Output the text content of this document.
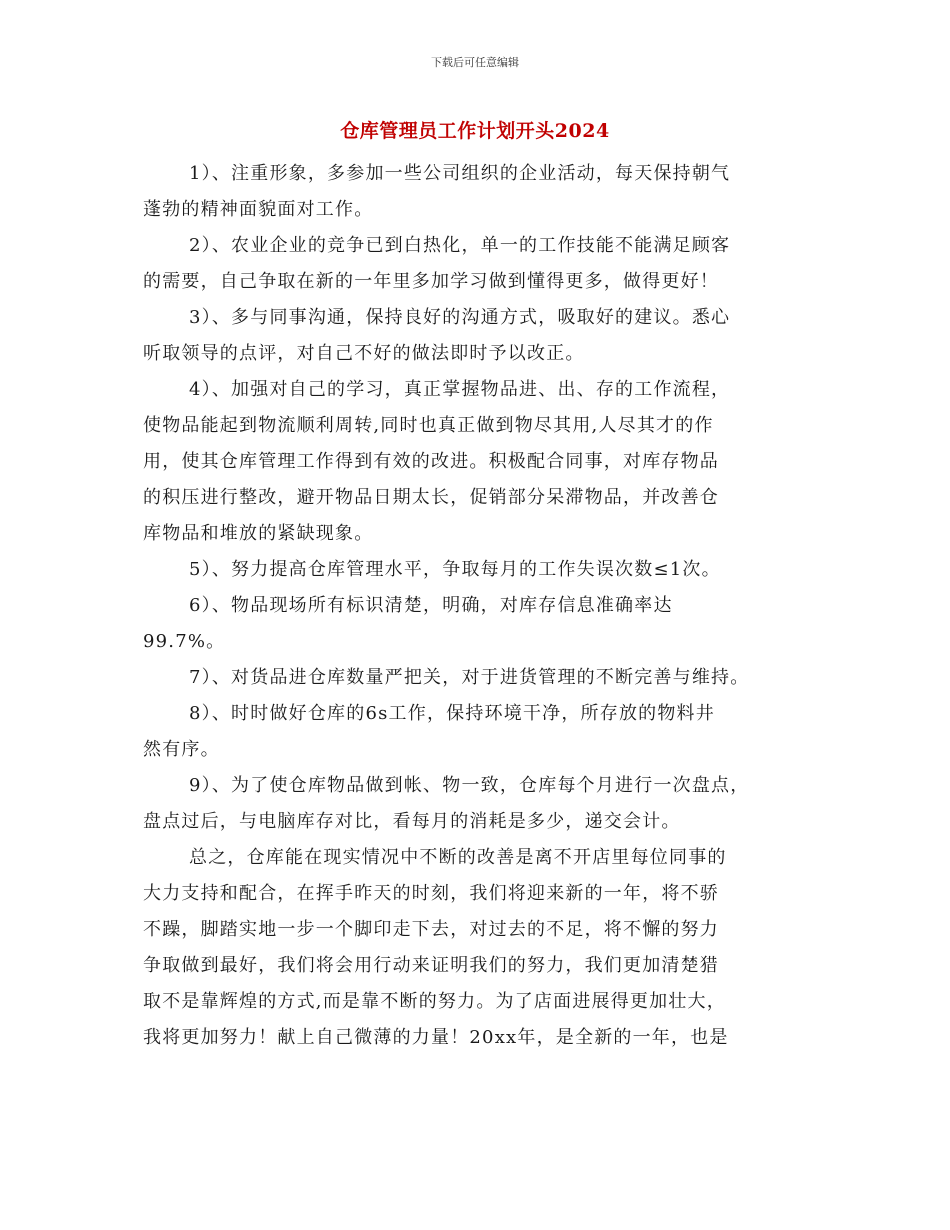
下载后可任意编辑
仓库管理员工作计划开头2024
1）、注重形象，多参加一些公司组织的企业活动，每天保持朝气
蓬勃的精神面貌面对工作。
2）、农业企业的竞争已到白热化，单一的工作技能不能满足顾客
的需要，自己争取在新的一年里多加学习做到懂得更多，做得更好！
3）、多与同事沟通，保持良好的沟通方式，吸取好的建议。悉心
听取领导的点评，对自己不好的做法即时予以改正。
4）、加强对自己的学习，真正掌握物品进、出、存的工作流程，
使物品能起到物流顺利周转,同时也真正做到物尽其用,人尽其才的作
用，使其仓库管理工作得到有效的改进。积极配合同事，对库存物品
的积压进行整改，避开物品日期太长，促销部分呆滞物品，并改善仓
库物品和堆放的紧缺现象。
5）、努力提高仓库管理水平，争取每月的工作失误次数≤1次。
6）、物品现场所有标识清楚，明确，对库存信息准确率达
99.7%。
7）、对货品进仓库数量严把关，对于进货管理的不断完善与维持。
8）、时时做好仓库的6s工作，保持环境干净，所存放的物料井
然有序。
9）、为了使仓库物品做到帐、物一致，仓库每个月进行一次盘点，
盘点过后，与电脑库存对比，看每月的消耗是多少，递交会计。
总之，仓库能在现实情况中不断的改善是离不开店里每位同事的
大力支持和配合，在挥手昨天的时刻，我们将迎来新的一年，将不骄
不躁，脚踏实地一步一个脚印走下去，对过去的不足，将不懈的努力
争取做到最好，我们将会用行动来证明我们的努力，我们更加清楚猎
取不是靠辉煌的方式,而是靠不断的努力。为了店面进展得更加壮大，
我将更加努力！献上自己微薄的力量！20xx年，是全新的一年，也是
